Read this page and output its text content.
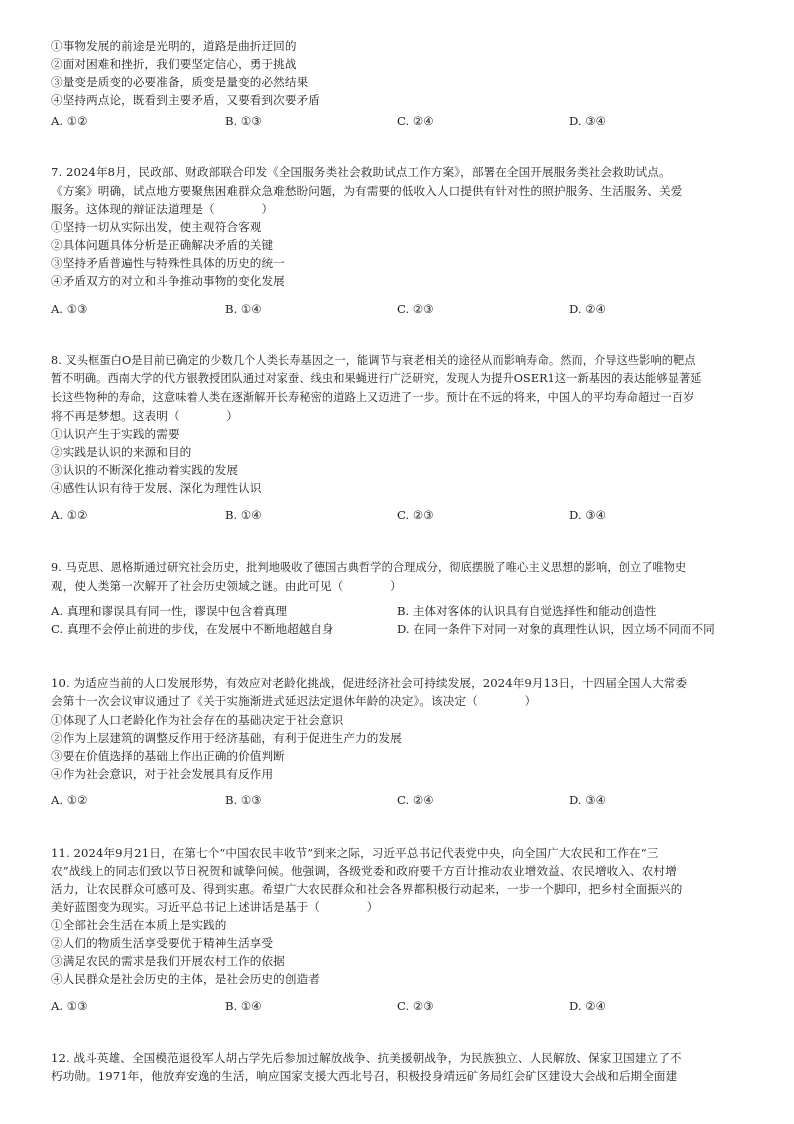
①事物发展的前途是光明的，道路是曲折迂回的
②面对困难和挫折，我们要坚定信心，勇于挑战
③量变是质变的必要准备，质变是量变的必然结果
④坚持两点论，既看到主要矛盾，又要看到次要矛盾
A. ①②	B. ①③	C. ②④	D. ③④
7. 2024年8月，民政部、财政部联合印发《全国服务类社会救助试点工作方案》，部署在全国开展服务类社会救助试点。
《方案》明确，试点地方要聚焦困难群众急难愁盼问题，为有需要的低收入人口提供有针对性的照护服务、生活服务、关爱
服务。这体现的辩证法道理是（　　　　）
①坚持一切从实际出发，使主观符合客观
②具体问题具体分析是正确解决矛盾的关键
③坚持矛盾普遍性与特殊性具体的历史的统一
④矛盾双方的对立和斗争推动事物的变化发展
A. ①③	B. ①④	C. ②③	D. ②④
8. 叉头框蛋白O是目前已确定的少数几个人类长寿基因之一，能调节与衰老相关的途径从而影响寿命。然而，介导这些影响的靶点
暂不明确。西南大学的代方银教授团队通过对家蚕、线虫和果蝇进行广泛研究，发现人为提升OSER1这一新基因的表达能够显著延
长这些物种的寿命，这意味着人类在逐渐解开长寿秘密的道路上又迈进了一步。预计在不远的将来，中国人的平均寿命超过一百岁
将不再是梦想。这表明（　　　　）
①认识产生于实践的需要
②实践是认识的来源和目的
③认识的不断深化推动着实践的发展
④感性认识有待于发展、深化为理性认识
A. ①②	B. ①④	C. ②③	D. ③④
9. 马克思、恩格斯通过研究社会历史，批判地吸收了德国古典哲学的合理成分，彻底摆脱了唯心主义思想的影响，创立了唯物史
观，使人类第一次解开了社会历史领域之谜。由此可见（　　　　）
A. 真理和谬误具有同一性，谬误中包含着真理	B. 主体对客体的认识具有自觉选择性和能动创造性
C. 真理不会停止前进的步伐，在发展中不断地超越自身	D. 在同一条件下对同一对象的真理性认识，因立场不同而不同
10. 为适应当前的人口发展形势，有效应对老龄化挑战，促进经济社会可持续发展，2024年9月13日，十四届全国人大常委
会第十一次会议审议通过了《关于实施渐进式延迟法定退休年龄的决定》。该决定（　　　　）
①体现了人口老龄化作为社会存在的基础决定于社会意识
②作为上层建筑的调整反作用于经济基础，有利于促进生产力的发展
③要在价值选择的基础上作出正确的价值判断
④作为社会意识，对于社会发展具有反作用
A. ①②	B. ①③	C. ②④	D. ③④
11. 2024年9月21日，在第七个“中国农民丰收节”到来之际，习近平总书记代表党中央，向全国广大农民和工作在“三
农”战线上的同志们致以节日祝贺和诚挚问候。他强调，各级党委和政府要千方百计推动农业增效益、农民增收入、农村增
活力，让农民群众可感可及、得到实惠。希望广大农民群众和社会各界都积极行动起来，一步一个脚印，把乡村全面振兴的
美好蓝图变为现实。习近平总书记上述讲话是基于（　　　　）
①全部社会生活在本质上是实践的
②人们的物质生活享受要优于精神生活享受
③满足农民的需求是我们开展农村工作的依据
④人民群众是社会历史的主体，是社会历史的创造者
A. ①③	B. ①④	C. ②③	D. ②④
12. 战斗英雄、全国模范退役军人胡占学先后参加过解放战争、抗美援朝战争，为民族独立、人民解放、保家卫国建立了不
朽功勋。1971年，他放弃安逸的生活，响应国家支援大西北号召，积极投身靖远矿务局红会矿区建设大会战和后期全面建
